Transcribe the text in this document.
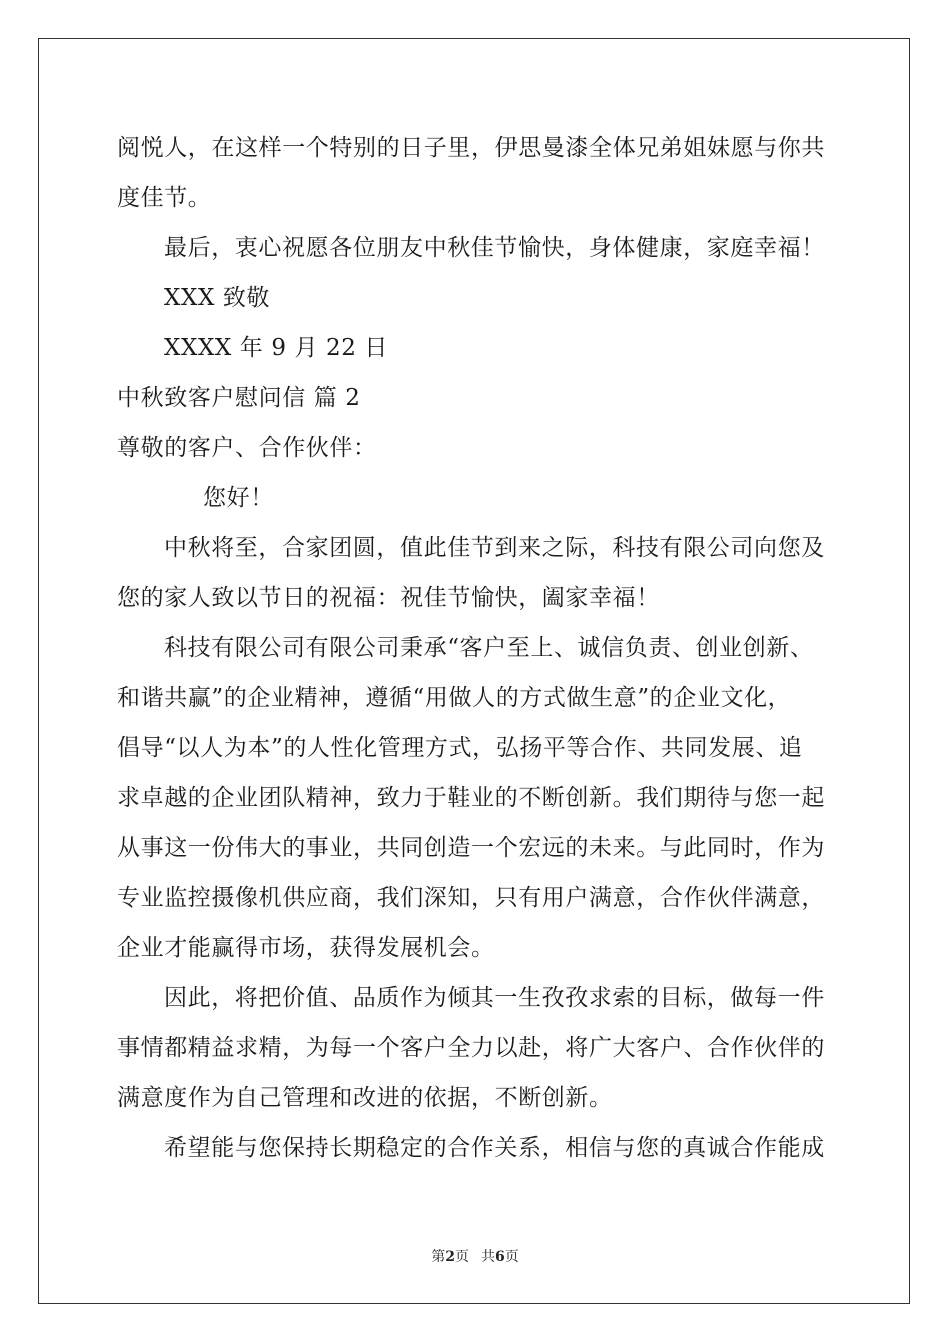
阅悦人，在这样一个特别的日子里，伊思曼漆全体兄弟姐妹愿与你共
度佳节。
最后，衷心祝愿各位朋友中秋佳节愉快，身体健康，家庭幸福！
XXX 致敬
XXXX 年 9 月 22 日
中秋致客户慰问信 篇 2
尊敬的客户、合作伙伴：
您好！
中秋将至，合家团圆，值此佳节到来之际，科技有限公司向您及
您的家人致以节日的祝福：祝佳节愉快，阖家幸福！
科技有限公司有限公司秉承“客户至上、诚信负责、创业创新、
和谐共赢”的企业精神，遵循“用做人的方式做生意”的企业文化，
倡导“以人为本”的人性化管理方式，弘扬平等合作、共同发展、追
求卓越的企业团队精神，致力于鞋业的不断创新。我们期待与您一起
从事这一份伟大的事业，共同创造一个宏远的未来。与此同时，作为
专业监控摄像机供应商，我们深知，只有用户满意，合作伙伴满意，
企业才能赢得市场，获得发展机会。
因此，将把价值、品质作为倾其一生孜孜求索的目标，做每一件
事情都精益求精，为每一个客户全力以赴，将广大客户、合作伙伴的
满意度作为自己管理和改进的依据，不断创新。
希望能与您保持长期稳定的合作关系，相信与您的真诚合作能成
第2页 共6页
